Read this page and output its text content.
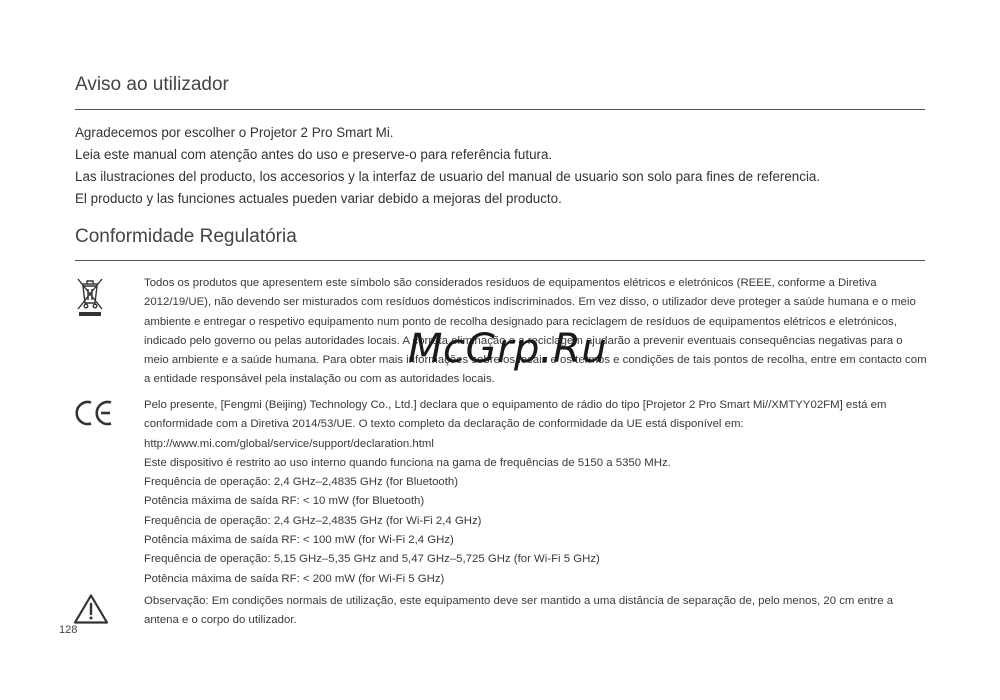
Aviso ao utilizador

Agradecemos por escolher o Projetor 2 Pro Smart Mi.

Leia este manual com atenção antes do uso e preserve-o para referência futura.

Las ilustraciones del producto, los accesorios y la interfaz de usuario del manual de usuario son solo para fines de referencia.

El producto y las funciones actuales pueden variar debido a mejoras del producto.

Conformidade Regulatória

Todos os produtos que apresentem este símbolo são considerados resíduos de equipamentos elétricos e eletrónicos (REEE, conforme a Diretiva 2012/19/UE), não devendo ser misturados com resíduos domésticos indiscriminados. Em vez disso, o utilizador deve proteger a saúde humana e o meio ambiente e entregar o respetivo equipamento num ponto de recolha designado para reciclagem de resíduos de equipamentos elétricos e eletrónicos, indicado pelo governo ou pelas autoridades locais. A correta eliminação e a reciclagem ajudarão a prevenir eventuais consequências negativas para o meio ambiente e a saúde humana. Para obter mais informações sobre os locais e os termos e condições de tais pontos de recolha, entre em contacto com a entidade responsável pela instalação ou com as autoridades locais.

Pelo presente, [Fengmi (Beijing) Technology Co., Ltd.] declara que o equipamento de rádio do tipo [Projetor 2 Pro Smart Mi//XMTYY02FM] está em conformidade com a Diretiva 2014/53/UE. O texto completo da declaração de conformidade da UE está disponível em:

http://www.mi.com/global/service/support/declaration.html

Este dispositivo é restrito ao uso interno quando funciona na gama de frequências de 5150 a 5350 MHz.

Frequência de operação: 2,4 GHz–2,4835 GHz (for Bluetooth)

Potência máxima de saída RF: < 10 mW (for Bluetooth)

Frequência de operação: 2,4 GHz–2,4835 GHz (for Wi-Fi 2,4 GHz)

Potência máxima de saída RF: < 100 mW (for Wi-Fi 2,4 GHz)

Frequência de operação: 5,15 GHz–5,35 GHz and 5,47 GHz–5,725 GHz (for Wi-Fi 5 GHz)

Potência máxima de saída RF: < 200 mW (for Wi-Fi 5 GHz)

Observação: Em condições normais de utilização, este equipamento deve ser mantido a uma distância de separação de, pelo menos, 20 cm entre a antena e o corpo do utilizador.

128
McGrp.Ru
